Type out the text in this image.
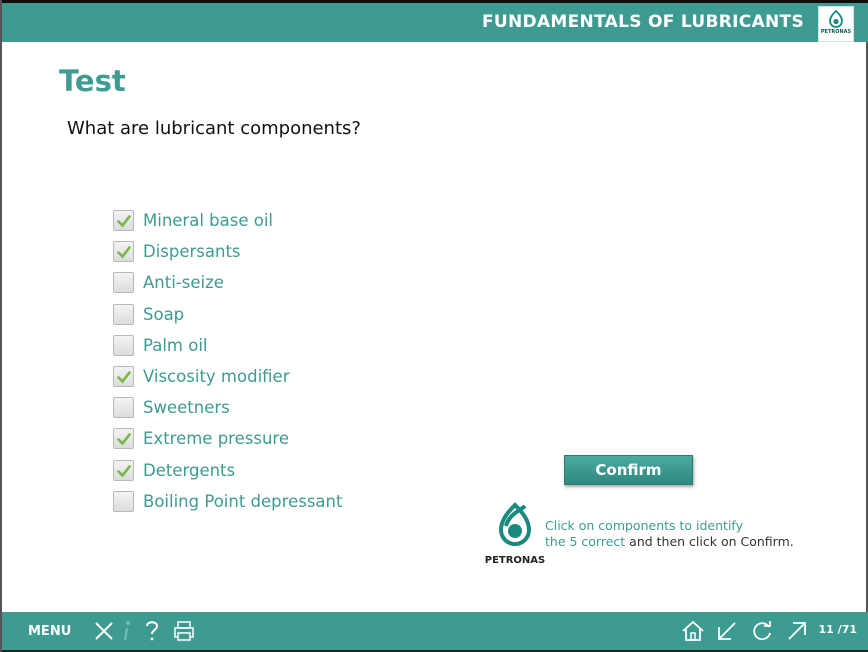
FUNDAMENTALS OF LUBRICANTS	PETRONAS
Test
What are lubricant components?
Mineral base oil
Dispersants
Anti-seize
Soap
Palm oil
Viscosity modifier
Sweetners
Extreme pressure
Detergents
Boiling Point depressant
Confirm
PETRONAS
Click on components to identify
the 5 correct and then click on Confirm.
MENU	11 /71
